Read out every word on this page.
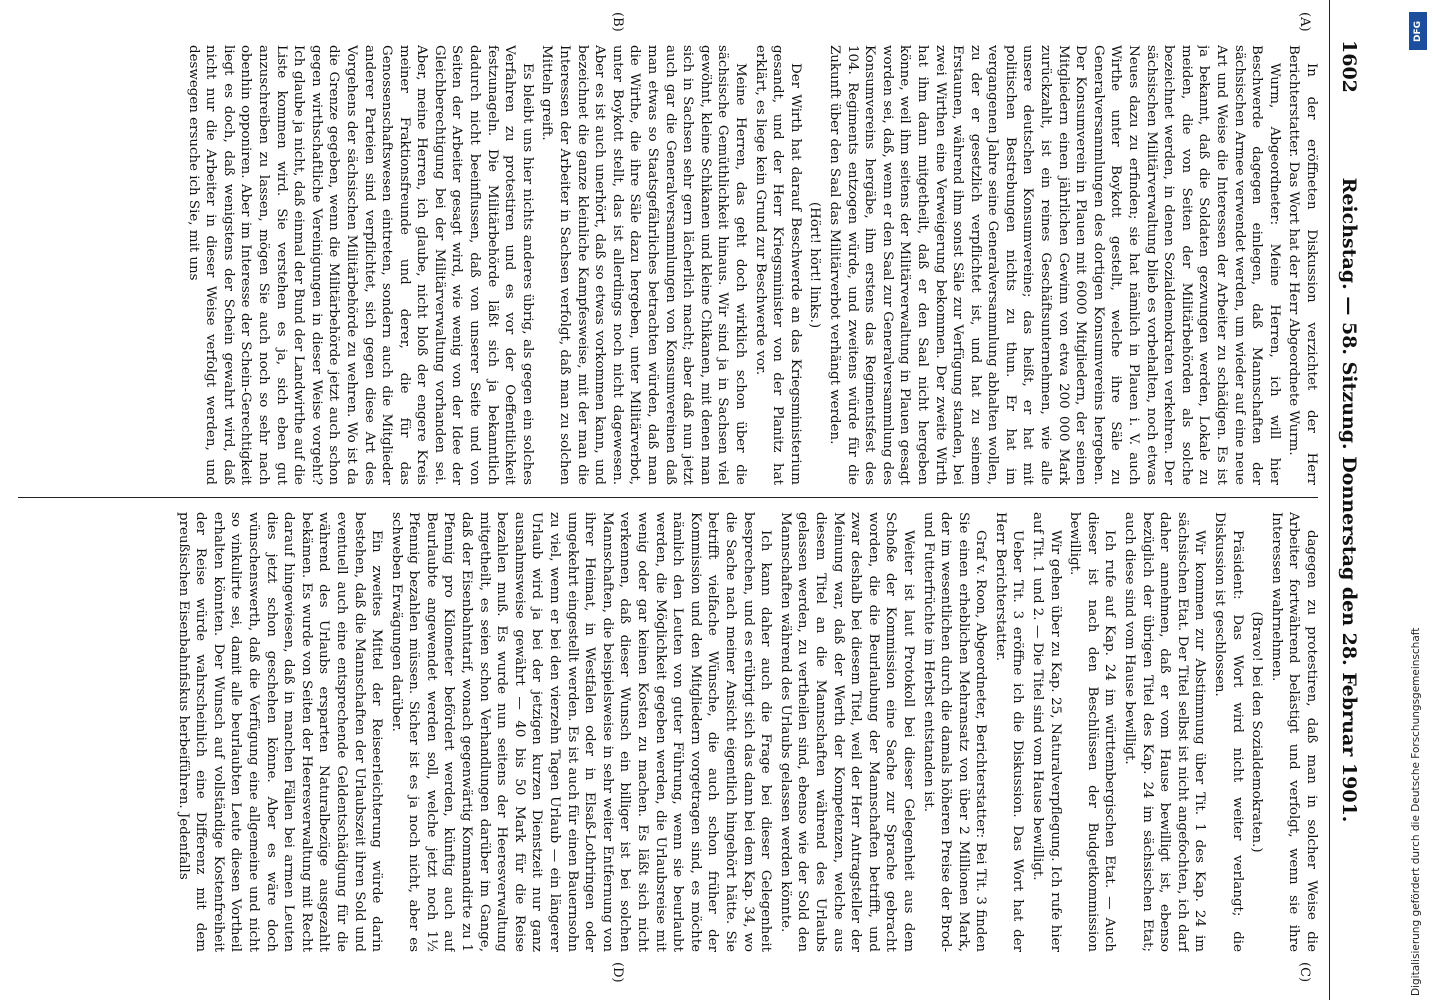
1602
Reichstag. — 58. Sitzung. Donnerstag den 28. Februar 1901.
(A)
(B)
(C)
(D)

In der eröffneten Diskussion verzichtet der Herr Berichterstatter. Das Wort hat der Herr Abgeordnete Wurm.

Wurm, Abgeordneter: Meine Herren, ich will hier Beschwerde dagegen einlegen, daß Mannschaften der sächsischen Armee verwendet werden, um wieder auf eine neue Art und Weise die Interessen der Arbeiter zu schädigen. Es ist ja bekannt, daß die Soldaten gezwungen werden, Lokale zu meiden, die von Seiten der Militärbehörden als solche bezeichnet werden, in denen Sozialdemokraten verkehren. Der sächsischen Militärverwaltung blieb es vorbehalten, noch etwas Neues dazu zu erfinden; sie hat nämlich in Plauen i. V. auch Wirthe unter Boykott gestellt, welche ihre Säle zu Generalversammlungen des dortigen Konsumvereins hergeben. Der Konsumverein in Plauen mit 6000 Mitgliedern, der seinen Mitgliedern einen jährlichen Gewinn von etwa 200 000 Mark zurückzahlt, ist ein reines Geschäftsunternehmen, wie alle unsere deutschen Konsumvereine; das heißt, er hat mit politischen Bestrebungen nichts zu thun. Er hat im vergangenen Jahre seine Generalversammlung abhalten wollen, zu der er gesetzlich verpflichtet ist, und hat zu seinem Erstaunen, während ihm sonst Säle zur Verfügung standen, bei zwei Wirthen eine Verweigerung bekommen. Der zweite Wirth hat ihm dann mitgetheilt, daß er den Saal nicht hergeben könne, weil ihm seitens der Militärverwaltung in Plauen gesagt worden sei, daß, wenn er den Saal zur Generalversammlung des Konsumvereins hergäbe, ihm erstens das Regimentsfest des 104. Regiments entzogen würde, und zweitens würde für die Zukunft über den Saal das Militärverbot verhängt werden.

(Hört! hört! links.)

Der Wirth hat darauf Beschwerde an das Kriegsministerium gesandt, und der Herr Kriegsminister von der Planitz hat erklärt, es liege kein Grund zur Beschwerde vor.

Meine Herren, das geht doch wirklich schon über die sächsische Gemüthlichkeit hinaus. Wir sind ja in Sachsen viel gewöhnt, kleine Schikanen und kleine Chikanen, mit denen man sich in Sachsen sehr gern lächerlich macht; aber daß nun jetzt auch gar die Generalversammlungen von Konsumvereinen daß man etwas so Staatsgefährliches betrachten würden, daß man die Wirthe, die ihre Säle dazu hergeben, unter Militärverbot, unter Boykott stellt, das ist allerdings noch nicht dagewesen. Aber es ist auch unerhört, daß so etwas vorkommen kann, und bezeichnet die ganze kleinliche Kampfesweise, mit der man die Interessen der Arbeiter in Sachsen verfolgt, daß man zu solchen Mitteln greift.

Es bleibt uns hier nichts anderes übrig, als gegen ein solches Verfahren zu protestiren und es vor der Oeffentlichkeit festzunageln. Die Militärbehörde läßt sich ja bekanntlich dadurch nicht beeinflussen, daß von unserer Seite und von Seiten der Arbeiter gesagt wird, wie wenig von der Idee der Gleichberechtigung bei der Militärverwaltung vorhanden sei. Aber, meine Herren, ich glaube, nicht bloß der engere Kreis meiner Fraktionsfreunde und derer, die für das Genossenschaftswesen eintreten, sondern auch die Mitglieder anderer Parteien sind verpflichtet, sich gegen diese Art des Vorgehens der sächsischen Militärbehörde zu wehren. Wo ist da die Grenze gegeben, wenn die Militärbehörde jetzt auch schon gegen wirthschaftliche Vereinigungen in dieser Weise vorgeht? Ich glaube ja nicht, daß einmal der Bund der Landwirthe auf die Liste kommen wird. Sie verstehen es ja, sich eben gut anzuschreiben zu lassen, mögen Sie auch noch so sehr nach obenhin opponiren. Aber im Interesse der Schein-Gerechtigkeit liegt es doch, daß wenigstens der Schein gewahrt wird, daß nicht nur die Arbeiter in dieser Weise verfolgt werden, und deswegen ersuche ich Sie, mit uns

dagegen zu protestiren, daß man in solcher Weise die Arbeiter fortwährend belästigt und verfolgt, wenn sie ihre Interessen wahrnehmen.

(Bravo! bei den Sozialdemokraten.)

Präsident: Das Wort wird nicht weiter verlangt; die Diskussion ist geschlossen.

Wir kommen zur Abstimmung über Tit. 1 des Kap. 24 im sächsischen Etat. Der Titel selbst ist nicht angefochten, ich darf daher annehmen, daß er vom Hause bewilligt ist, ebenso bezüglich der übrigen Titel des Kap. 24 im sächsischen Etat; auch diese sind vom Hause bewilligt.

Ich rufe auf Kap. 24 im württembergischen Etat. — Auch dieser ist nach den Beschlüssen der Budgetkommission bewilligt.

Wir gehen über zu Kap. 25, Naturalverpflegung. Ich rufe hier auf Tit. 1 und 2. — Die Titel sind vom Hause bewilligt.

Ueber Tit. 3 eröffne ich die Diskussion. Das Wort hat der Herr Berichterstatter.

Graf v. Roon, Abgeordneter, Berichterstatter: Bei Tit. 3 finden Sie einen erheblichen Mehransatz von über 2 Millionen Mark, der im wesentlichen durch die damals höheren Preise der Brod- und Futterfrüchte im Herbst entstanden ist.

Weiter ist laut Protokoll bei dieser Gelegenheit aus dem Schoße der Kommission eine Sache zur Sprache gebracht worden, die die Beurlaubung der Mannschaften betrifft, und zwar deshalb bei diesem Titel, weil der Herr Antragsteller der Meinung war, daß der Werth der Kompetenzen, welche aus diesem Titel an die Mannschaften während des Urlaubs gelassen werden, zu vertheilen sind, ebenso wie der Sold den Mannschaften während des Urlaubs gelassen werden könnte.

Ich kann daher auch die Frage bei dieser Gelegenheit besprechen, und es erübrigt sich das dann bei dem Kap. 34, wo die Sache nach meiner Ansicht eigentlich hingehört hätte. Sie betrifft vielfache Wünsche, die auch schon früher der Kommission und den Mitgliedern vorgetragen sind, es möchte nämlich den Leuten von guter Führung, wenn sie beurlaubt werden, die Möglichkeit gegeben werden, die Urlaubsreise mit wenig oder gar keinen Kosten zu machen. Es läßt sich nicht verkennen, daß dieser Wunsch ein billiger ist bei solchen Mannschaften, die beispielsweise in sehr weiter Entfernung von ihrer Heimat, in Westfalen oder in Elsaß-Lothringen oder umgekehrt eingestellt werden. Es ist auch für einen Bauernsohn zu viel, wenn er bei den vierzehn Tagen Urlaub — ein längerer Urlaub wird ja bei der jetzigen kurzen Dienstzeit nur ganz ausnahmsweise gewährt — 40 bis 50 Mark für die Reise bezahlen muß. Es wurde nun seitens der Heeresverwaltung mitgetheilt, es seien schon Verhandlungen darüber im Gange, daß der Eisenbahntarif, wonach gegenwärtig Kommandirte zu 1 Pfennig pro Kilometer befördert werden, künftig auch auf Beurlaubte angewendet werden soll, welche jetzt noch 1½ Pfennig bezahlen müssen. Sicher ist es ja noch nicht, aber es schweben Erwägungen darüber.

Ein zweites Mittel der Reiseerleichterung würde darin bestehen, daß die Mannschaften der Urlaubszeit ihren Sold und eventuell auch eine entsprechende Geldentschädigung für die während des Urlaubs ersparten Naturalbezüge ausgezahlt bekämen. Es wurde von Seiten der Heeresverwaltung mit Recht darauf hingewiesen, daß in manchen Fällen bei armen Leuten dies jetzt schon geschehen könne. Aber es wäre doch wünschenswerth, daß die Verfügung eine allgemeine und nicht so vinkulirte sei, damit alle beurlaubten Leute diesen Vortheil erhalten könnten. Der Wunsch auf vollständige Kostenfreiheit der Reise würde wahrscheinlich eine Differenz mit dem preußischen Eisenbahnfiskus herbeiführen. Jedenfalls

DFG
Digitalisierung gefördert durch die Deutsche Forschungsgemeinschaft
